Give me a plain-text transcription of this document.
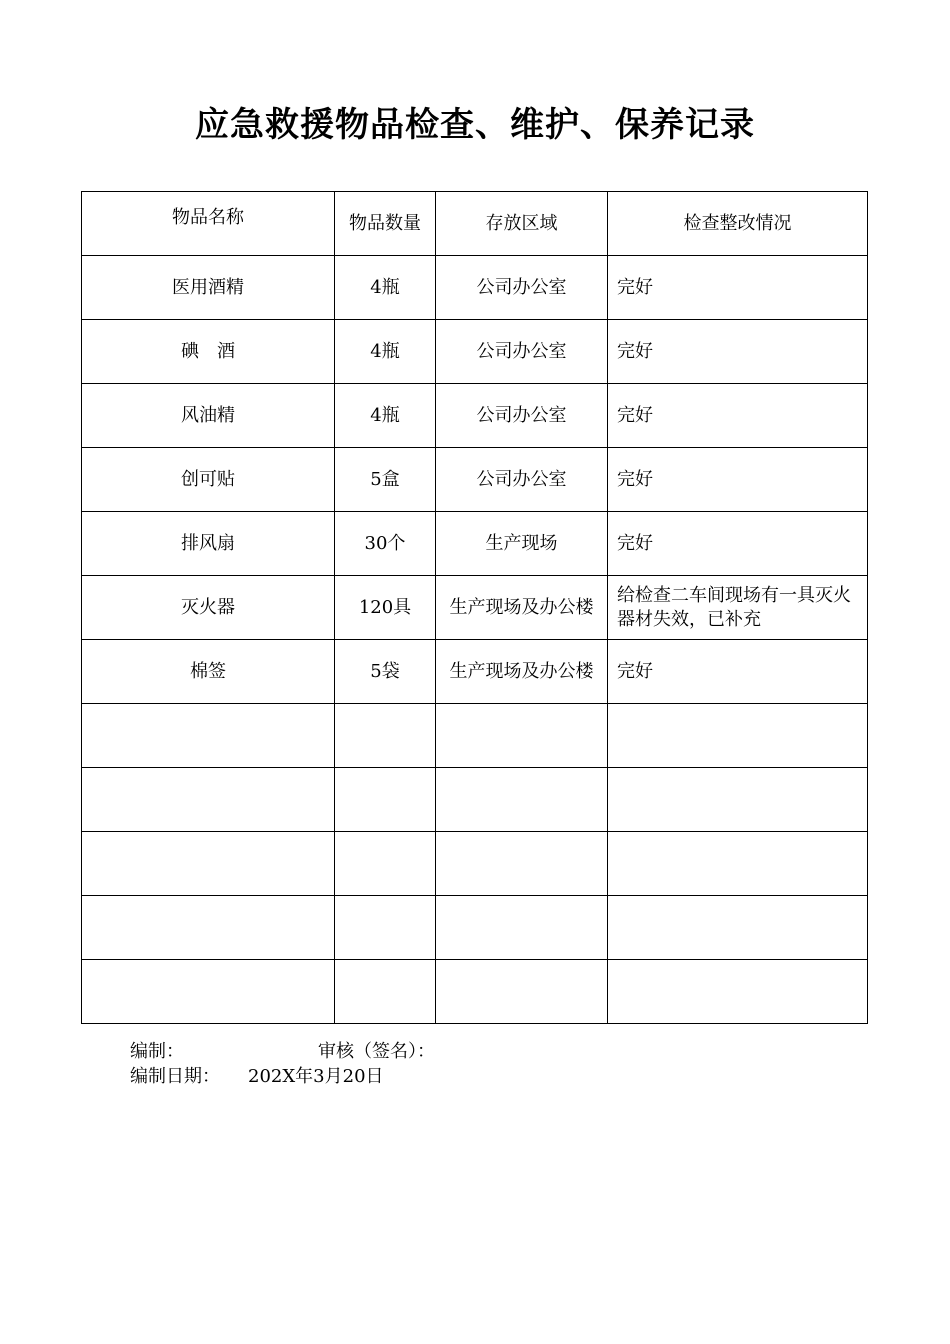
应急救援物品检查、维护、保养记录
物品名称	物品数量	存放区域	检查整改情况
医用酒精	4瓶	公司办公室	完好
碘　酒	4瓶	公司办公室	完好
风油精	4瓶	公司办公室	完好
创可贴	5盒	公司办公室	完好
排风扇	30个	生产现场	完好
灭火器	120具	生产现场及办公楼	给检查二车间现场有一具灭火器材失效，已补充
棉签	5袋	生产现场及办公楼	完好

编制：	审核（签名）：
编制日期： 202X年3月20日
